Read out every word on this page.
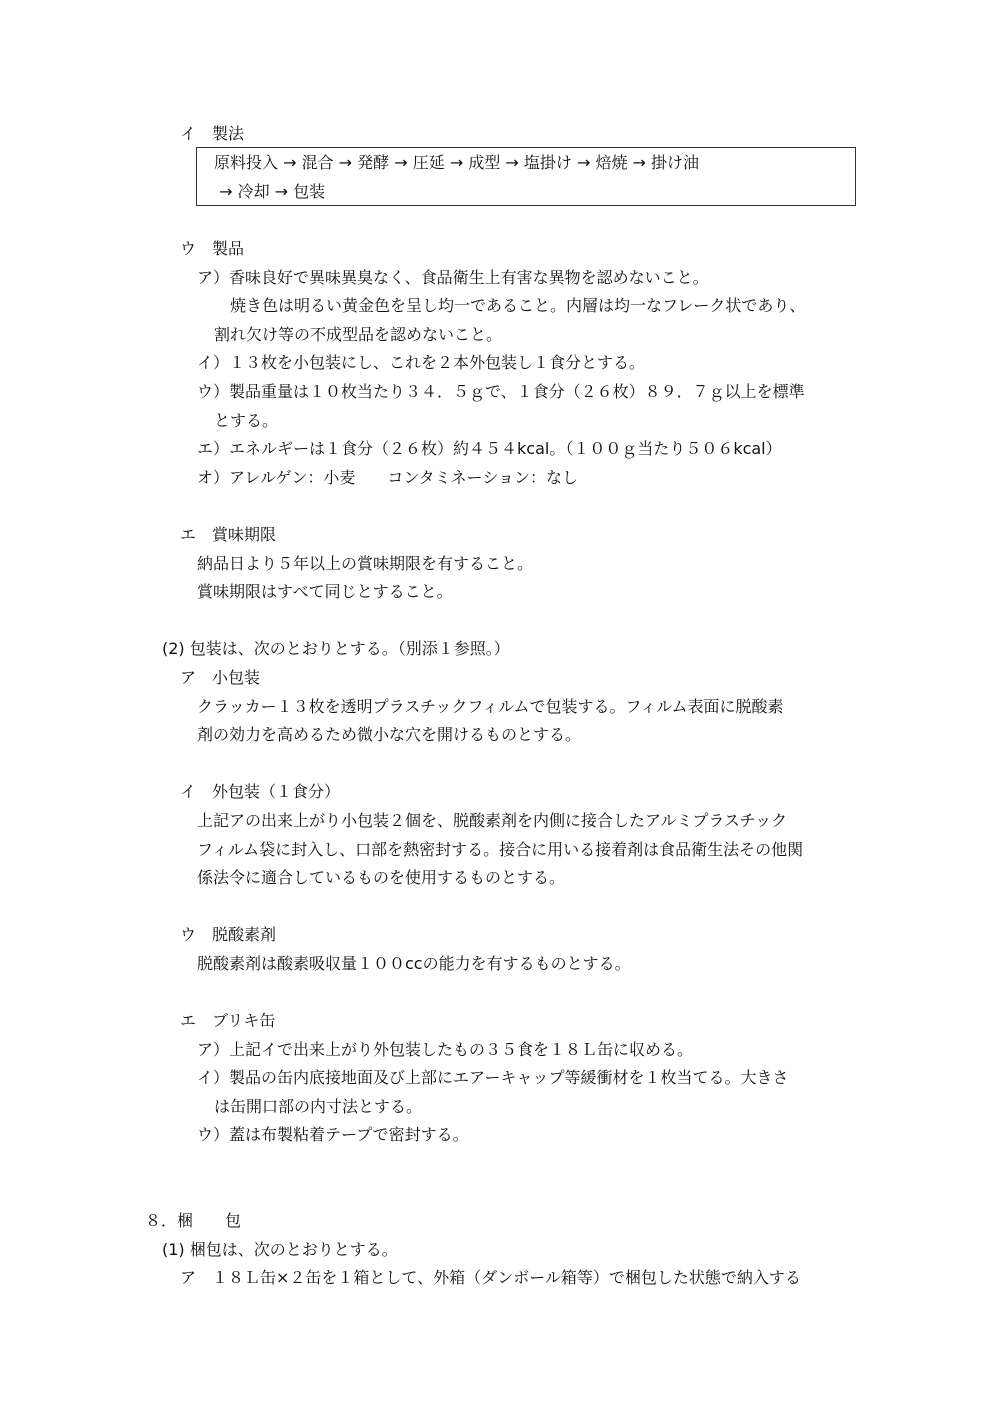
イ　製法
原料投入 → 混合 → 発酵 → 圧延 → 成型 → 塩掛け → 焙焼 → 掛け油
→ 冷却 → 包装
ウ　製品
ア）香味良好で異味異臭なく、食品衛生上有害な異物を認めないこと。
焼き色は明るい黄金色を呈し均一であること。内層は均一なフレーク状であり、
割れ欠け等の不成型品を認めないこと。
イ）１３枚を小包装にし、これを２本外包装し１食分とする。
ウ）製品重量は１０枚当たり３４．５ｇで、１食分（２６枚）８９．７ｇ以上を標準
とする。
エ）エネルギーは１食分（２６枚）約４５４kcal。（１００ｇ当たり５０６kcal）
オ）アレルゲン：小麦　　コンタミネーション：なし
エ　賞味期限
納品日より５年以上の賞味期限を有すること。
賞味期限はすべて同じとすること。
(2) 包装は、次のとおりとする。（別添１参照。）
ア　小包装
クラッカー１３枚を透明プラスチックフィルムで包装する。フィルム表面に脱酸素
剤の効力を高めるため微小な穴を開けるものとする。
イ　外包装（１食分）
上記アの出来上がり小包装２個を、脱酸素剤を内側に接合したアルミプラスチック
フィルム袋に封入し、口部を熱密封する。接合に用いる接着剤は食品衛生法その他関
係法令に適合しているものを使用するものとする。
ウ　脱酸素剤
脱酸素剤は酸素吸収量１００ccの能力を有するものとする。
エ　ブリキ缶
ア）上記イで出来上がり外包装したもの３５食を１８Ｌ缶に収める。
イ）製品の缶内底接地面及び上部にエアーキャップ等緩衝材を１枚当てる。大きさ
は缶開口部の内寸法とする。
ウ）蓋は布製粘着テープで密封する。
８．梱　　包
(1) 梱包は、次のとおりとする。
ア　１８Ｌ缶×２缶を１箱として、外箱（ダンボール箱等）で梱包した状態で納入する
